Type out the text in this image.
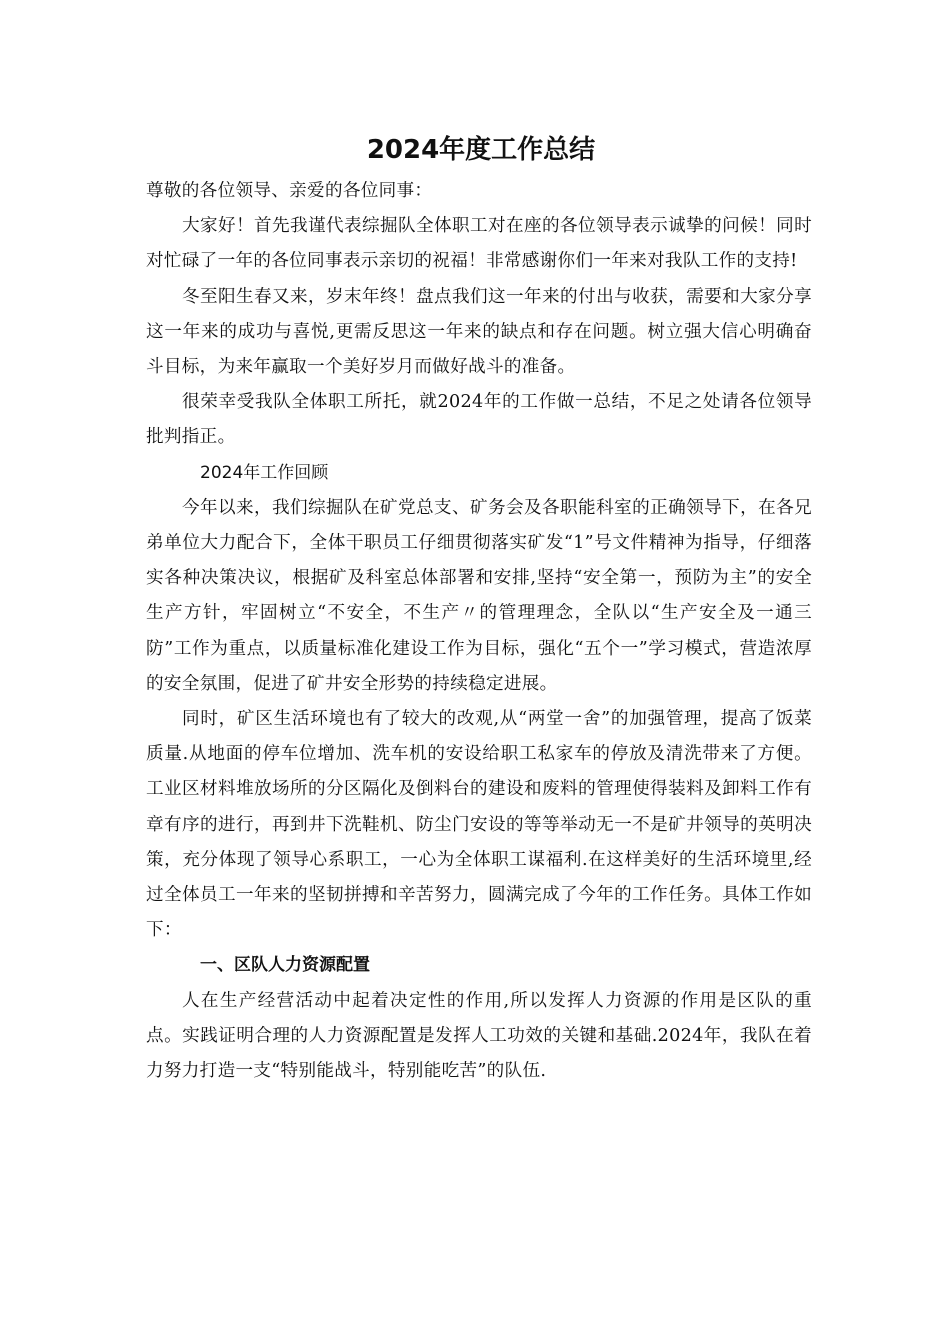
2024年度工作总结

尊敬的各位领导、亲爱的各位同事：

大家好！首先我谨代表综掘队全体职工对在座的各位领导表示诚挚的问候！同时对忙碌了一年的各位同事表示亲切的祝福！非常感谢你们一年来对我队工作的支持!

冬至阳生春又来，岁末年终！盘点我们这一年来的付出与收获，需要和大家分享这一年来的成功与喜悦,更需反思这一年来的缺点和存在问题。树立强大信心明确奋斗目标，为来年赢取一个美好岁月而做好战斗的准备。

很荣幸受我队全体职工所托，就2024年的工作做一总结，不足之处请各位领导批判指正。

2024年工作回顾

今年以来，我们综掘队在矿党总支、矿务会及各职能科室的正确领导下，在各兄弟单位大力配合下，全体干职员工仔细贯彻落实矿发“1”号文件精神为指导，仔细落实各种决策决议，根据矿及科室总体部署和安排,坚持“安全第一，预防为主”的安全生产方针，牢固树立“不安全，不生产〃的管理理念，全队以“生产安全及一通三防”工作为重点，以质量标准化建设工作为目标，强化“五个一”学习模式，营造浓厚的安全氛围，促进了矿井安全形势的持续稳定进展。

同时，矿区生活环境也有了较大的改观,从“两堂一舍”的加强管理，提高了饭菜质量.从地面的停车位增加、洗车机的安设给职工私家车的停放及清洗带来了方便。工业区材料堆放场所的分区隔化及倒料台的建设和废料的管理使得装料及卸料工作有章有序的进行，再到井下洗鞋机、防尘门安设的等等举动无一不是矿井领导的英明决策，充分体现了领导心系职工，一心为全体职工谋福利.在这样美好的生活环境里,经过全体员工一年来的坚韧拼搏和辛苦努力，圆满完成了今年的工作任务。具体工作如下：

一、区队人力资源配置

人在生产经营活动中起着决定性的作用,所以发挥人力资源的作用是区队的重点。实践证明合理的人力资源配置是发挥人工功效的关键和基础.2024年，我队在着力努力打造一支“特别能战斗，特别能吃苦”的队伍.
